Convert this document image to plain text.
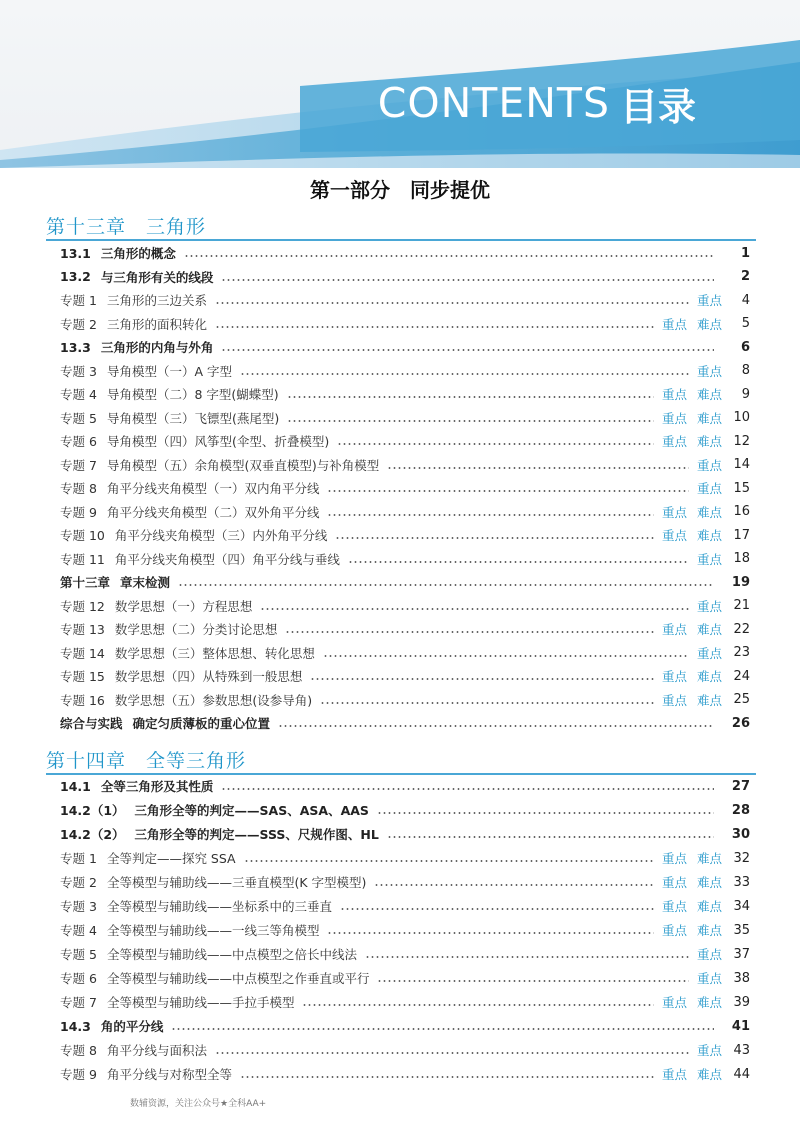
CONTENTS 目录
第一部分　同步提优
第十三章 三角形
13.1 三角形的概念	1
13.2 与三角形有关的线段	2
专题 1 三角形的三边关系	重点	4
专题 2 三角形的面积转化	重点 难点	5
13.3 三角形的内角与外角	6
专题 3 导角模型（一）A 字型	重点	8
专题 4 导角模型（二）8 字型(蝴蝶型)	重点 难点	9
专题 5 导角模型（三）飞镖型(燕尾型)	重点 难点 10
专题 6 导角模型（四）风筝型(伞型、折叠模型)	重点 难点 12
专题 7 导角模型（五）余角模型(双垂直模型)与补角模型	重点 14
专题 8 角平分线夹角模型（一）双内角平分线	重点 15
专题 9 角平分线夹角模型（二）双外角平分线	重点 难点 16
专题 10 角平分线夹角模型（三）内外角平分线	重点 难点 17
专题 11 角平分线夹角模型（四）角平分线与垂线	重点 18
第十三章 章末检测	19
专题 12 数学思想（一）方程思想	重点 21
专题 13 数学思想（二）分类讨论思想	重点 难点 22
专题 14 数学思想（三）整体思想、转化思想	重点 23
专题 15 数学思想（四）从特殊到一般思想	重点 难点 24
专题 16 数学思想（五）参数思想(设参导角)	重点 难点 25
综合与实践 确定匀质薄板的重心位置	26
第十四章 全等三角形
14.1 全等三角形及其性质	27
14.2（1） 三角形全等的判定——SAS、ASA、AAS	28
14.2（2） 三角形全等的判定——SSS、尺规作图、HL	30
专题 1 全等判定——探究 SSA	重点 难点 32
专题 2 全等模型与辅助线——三垂直模型(K 字型模型)	重点 难点 33
专题 3 全等模型与辅助线——坐标系中的三垂直	重点 难点 34
专题 4 全等模型与辅助线——一线三等角模型	重点 难点 35
专题 5 全等模型与辅助线——中点模型之倍长中线法	重点 37
专题 6 全等模型与辅助线——中点模型之作垂直或平行	重点 38
专题 7 全等模型与辅助线——手拉手模型	重点 难点 39
14.3 角的平分线	41
专题 8 角平分线与面积法	重点 43
专题 9 角平分线与对称型全等	重点 难点 44
数辅资源，关注公众号★全科AA+
